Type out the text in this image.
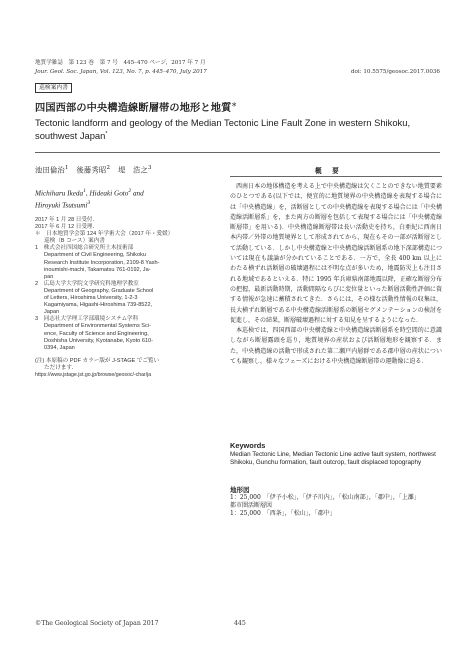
地質学雑誌　第 123 巻　第 7 号　445–470 ページ，2017 年 7 月
Jour. Geol. Soc. Japan, Vol. 123, No. 7, p. 445–470, July 2017	doi: 10.5575/geosoc.2017.0036
巡検案内書
四国西部の中央構造線断層帯の地形と地質＊
Tectonic landform and geology of the Median Tectonic Line Fault Zone in western Shikoku, southwest Japan*
池田倫治$^1$ 後藤秀昭$^2$ 堤　浩之$^3$
Michiharu Ikeda$^1$, Hideaki Goto$^2$ and
Hiroyuki Tsutsumi$^3$
2017 年 1 月 28 日受付．
2017 年 6 月 12 日受理．
＊　日本地質学会第 124 年学術大会（2017 年・愛媛）
巡検（B コース）案内書
1　株式会社四国総合研究所土木技術部
Department of Civil Engineering, Shikoku
Research Institute Incorporation, 2109-8 Yash-
inoumishi-machi, Takamatsu 761-0192, Ja-
pan
2　広島大学大学院文学研究科地理学教室
Department of Geography, Graduate School
of Letters, Hiroshima University, 1-2-3
Kagamiyama, Higashi-Hiroshima 739-8522,
Japan
3　同志社大学理工学部環境システム学科
Department of Environmental Systems Sci-
ence, Faculty of Science and Engineering,
Doshisha University, Kyotanabe, Kyoto 610-
0394, Japan
(注) 本原稿の PDF カラー版が J-STAGE でご覧い
ただけます．
https://www.jstage.jst.go.jp/browse/geosoc/-char/ja
概　要

西南日本の地体構造を考える上で中央構造線は欠くことのできない地質要素のひとつである(以下では，便宜的に地質境界の中央構造線を表現する場合には「中央構造線」を，活断層としての中央構造線を表現する場合には「中央構造線活断層系」を，また両方の断層を包括して表現する場合には「中央構造線断層帯」を用いる)．中央構造線断層帯は長い活動史を持ち，白亜紀に西南日本内帯／外帯の地質境界として形成されてから，現在もその一部が活断層として活動している．しかし中央構造線と中央構造線活断層系の地下深部構造については現在も議論が分かれていることである．一方で，全長 400 km 以上にわたる横ずれ活断層の破壊過程には不明な点が多いため，地震防災上も注目される地域であるといえる．特に 1995 年兵庫県南部地震以降，正確な断層分布の把握，最新活動時期，活動間隔ならびに変位量といった断層活動性評価に資する情報が急速に蓄積されてきた．さらには，その様な活動性情報の収集は，長大横ずれ断層である中央構造線活断層系の断層セグメンテーションの検討を促進し，その結果，断層破壊過程に対する知見を呈するようになった．

本巡検では，四国西部の中央構造線と中央構造線活断層系を時空間的に意識しながら断層露頭を巡り，地質境界の産状および活断層地形を観察する．また，中央構造線の活動で形成された第二瀬戸内層群である郡中層の産状についても観察し，様々なフェーズにおける中央構造線断層帯の運動像に迫る．

Keywords
Median Tectonic Line, Median Tectonic Line active fault system, northwest Shikoku, Gunchu formation, fault outcrop, fault displaced topography
地形図
1：25,000　「伊予小松」，「伊予川内」，「松山南部」，「郡中」，「上灘」
都市圏活断層図
1：25,000　「西条」，「松山」，「郡中」
©The Geological Society of Japan 2017	445
